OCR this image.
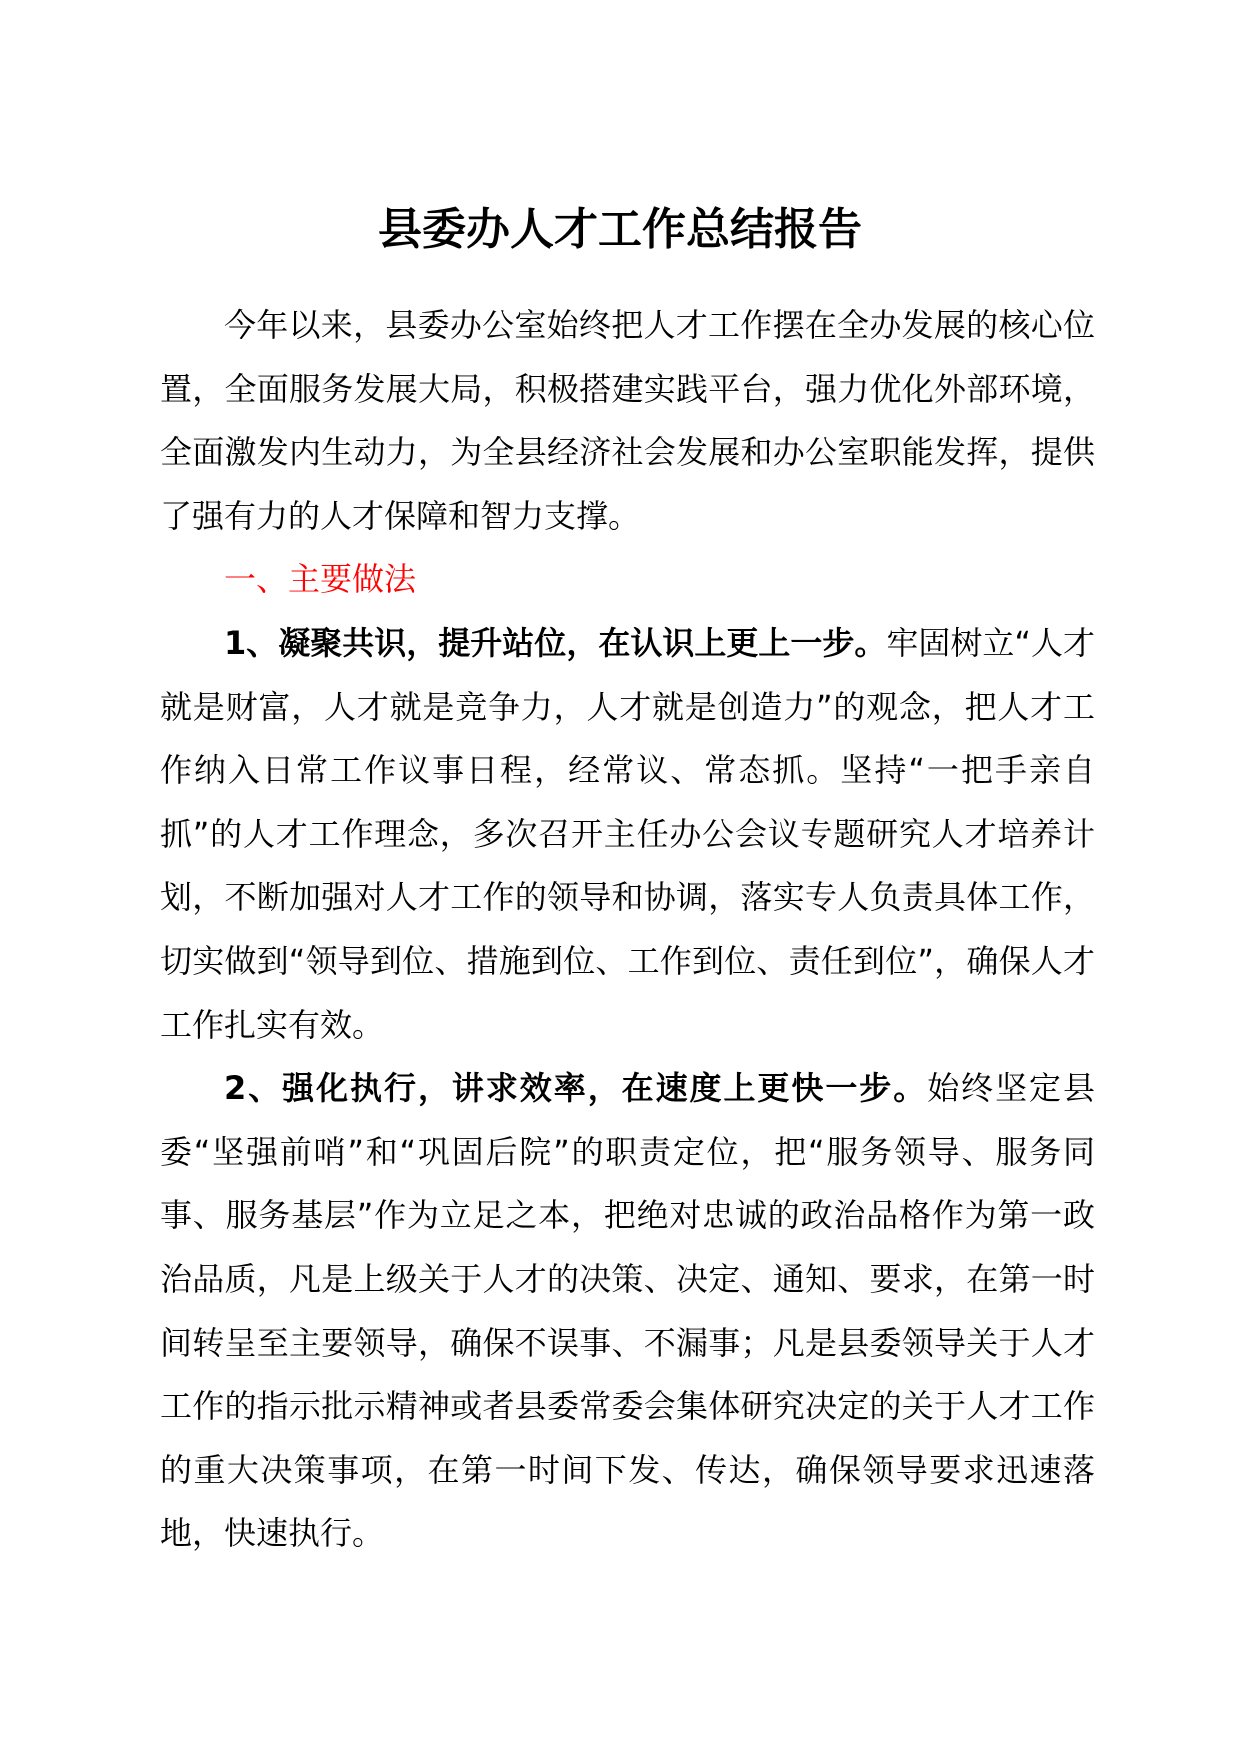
县委办人才工作总结报告

今年以来，县委办公室始终把人才工作摆在全办发展的核心位置，全面服务发展大局，积极搭建实践平台，强力优化外部环境，全面激发内生动力，为全县经济社会发展和办公室职能发挥，提供了强有力的人才保障和智力支撑。

一、主要做法

1、凝聚共识，提升站位，在认识上更上一步。牢固树立“人才就是财富，人才就是竞争力，人才就是创造力”的观念，把人才工作纳入日常工作议事日程，经常议、常态抓。坚持“一把手亲自抓”的人才工作理念，多次召开主任办公会议专题研究人才培养计划，不断加强对人才工作的领导和协调，落实专人负责具体工作，切实做到“领导到位、措施到位、工作到位、责任到位”，确保人才工作扎实有效。

2、强化执行，讲求效率，在速度上更快一步。始终坚定县委“坚强前哨”和“巩固后院”的职责定位，把“服务领导、服务同事、服务基层”作为立足之本，把绝对忠诚的政治品格作为第一政治品质，凡是上级关于人才的决策、决定、通知、要求，在第一时间转呈至主要领导，确保不误事、不漏事；凡是县委领导关于人才工作的指示批示精神或者县委常委会集体研究决定的关于人才工作的重大决策事项，在第一时间下发、传达，确保领导要求迅速落地，快速执行。
